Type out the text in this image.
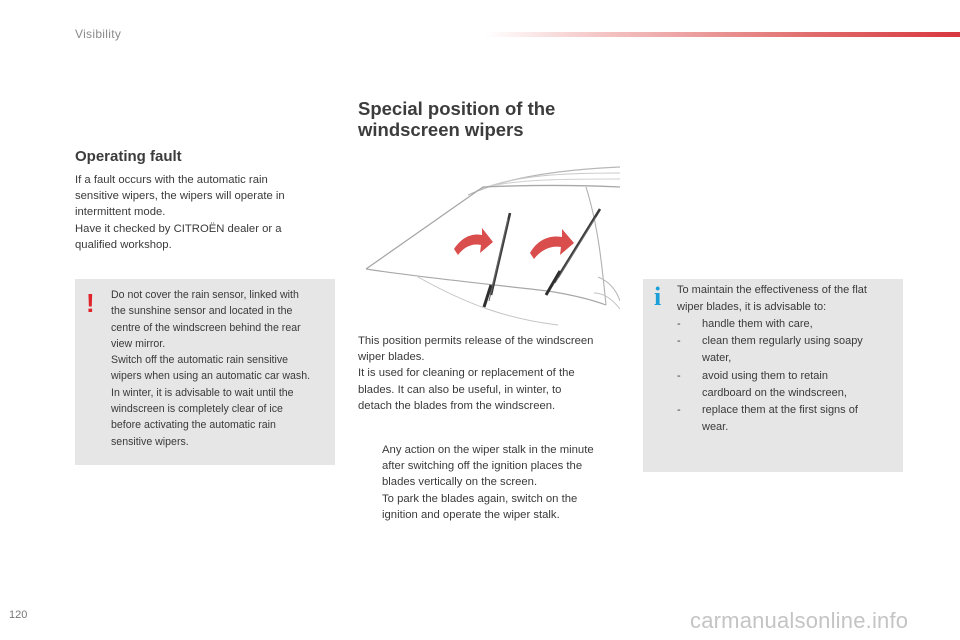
Visibility
Operating fault
If a fault occurs with the automatic rain
sensitive wipers, the wipers will operate in
intermittent mode.
Have it checked by CITROËN dealer or a
qualified workshop.
! Do not cover the rain sensor, linked with
the sunshine sensor and located in the
centre of the windscreen behind the rear
view mirror.
Switch off the automatic rain sensitive
wipers when using an automatic car wash.
In winter, it is advisable to wait until the
windscreen is completely clear of ice
before activating the automatic rain
sensitive wipers.
Special position of the
windscreen wipers
This position permits release of the windscreen
wiper blades.
It is used for cleaning or replacement of the
blades. It can also be useful, in winter, to
detach the blades from the windscreen.
Any action on the wiper stalk in the minute
after switching off the ignition places the
blades vertically on the screen.
To park the blades again, switch on the
ignition and operate the wiper stalk.
i To maintain the effectiveness of the flat
wiper blades, it is advisable to:
-	handle them with care,
-	clean them regularly using soapy
water,
-	avoid using them to retain
cardboard on the windscreen,
-	replace them at the first signs of
wear.
120	carmanualsonline.info
